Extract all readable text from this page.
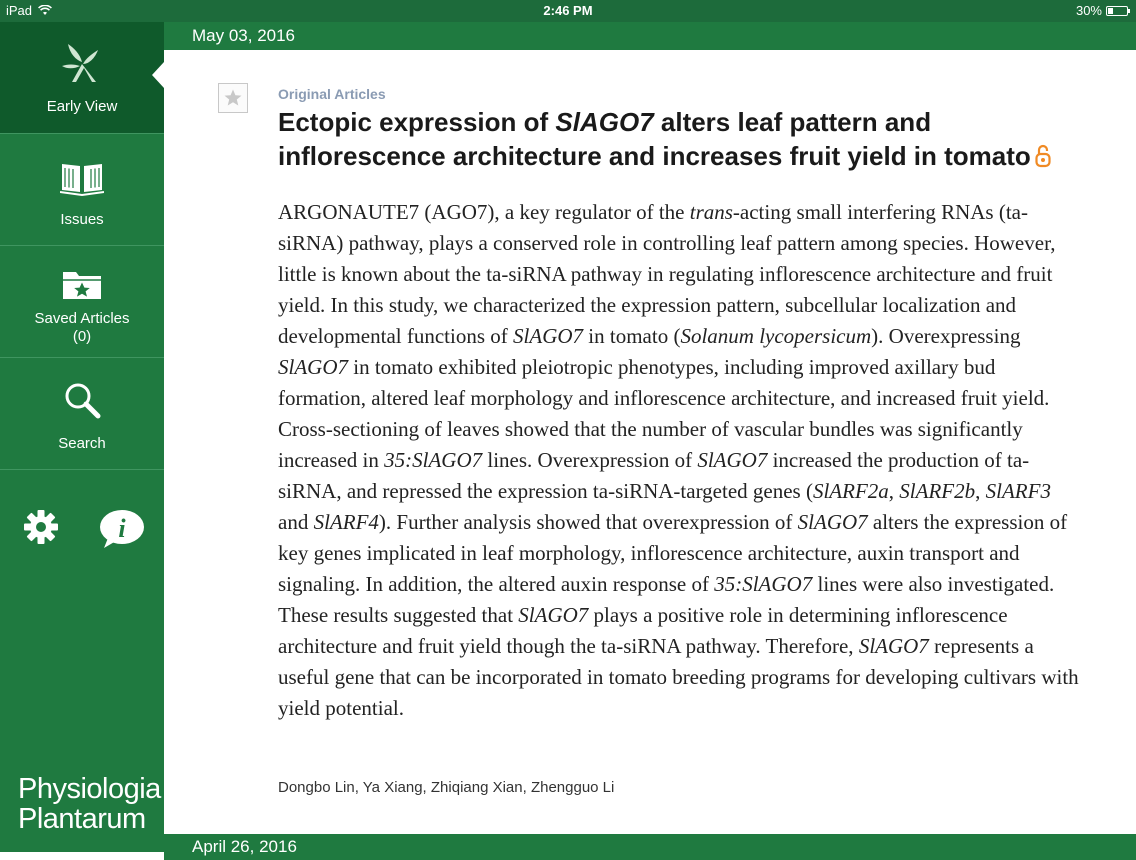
iPad	2:46 PM	30%
Early View
Issues
Saved Articles
(0)
Search
i
Physiologia
Plantarum
May 03, 2016
April 26, 2016
Original Articles
Ectopic expression of SlAGO7 alters leaf pattern and inflorescence architecture and increases fruit yield in tomato
ARGONAUTE7 (AGO7), a key regulator of the trans-acting small interfering RNAs (ta-siRNA) pathway, plays a conserved role in controlling leaf pattern among species. However, little is known about the ta-siRNA pathway in regulating inflorescence architecture and fruit yield. In this study, we characterized the expression pattern, subcellular localization and developmental functions of SlAGO7 in tomato (Solanum lycopersicum). Overexpressing SlAGO7 in tomato exhibited pleiotropic phenotypes, including improved axillary bud formation, altered leaf morphology and inflorescence architecture, and increased fruit yield. Cross-sectioning of leaves showed that the number of vascular bundles was significantly increased in 35:SlAGO7 lines. Overexpression of SlAGO7 increased the production of ta-siRNA, and repressed the expression ta-siRNA-targeted genes (SlARF2a, SlARF2b, SlARF3 and SlARF4). Further analysis showed that overexpression of SlAGO7 alters the expression of key genes implicated in leaf morphology, inflorescence architecture, auxin transport and signaling. In addition, the altered auxin response of 35:SlAGO7 lines were also investigated. These results suggested that SlAGO7 plays a positive role in determining inflorescence architecture and fruit yield though the ta-siRNA pathway. Therefore, SlAGO7 represents a useful gene that can be incorporated in tomato breeding programs for developing cultivars with yield potential.
Dongbo Lin, Ya Xiang, Zhiqiang Xian, Zhengguo Li
